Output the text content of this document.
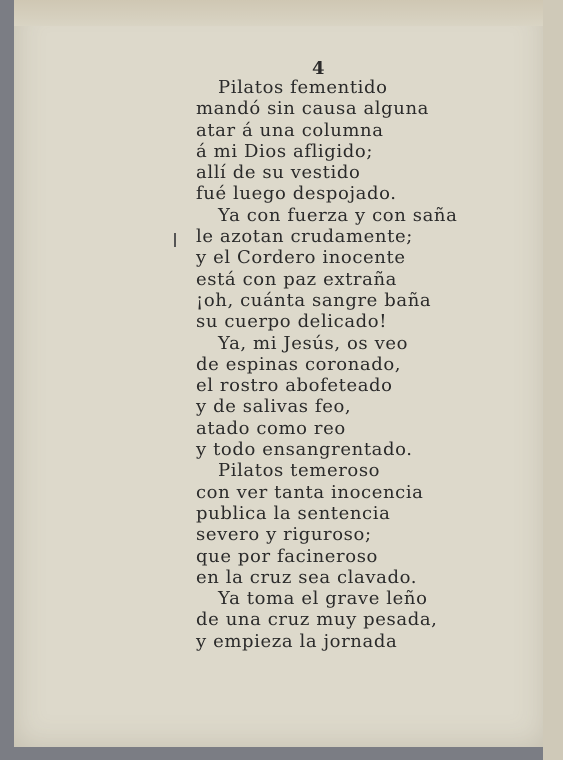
4
Pilatos fementido
mandó sin causa alguna
atar á una columna
á mi Dios afligido;
allí de su vestido
fué luego despojado.
Ya con fuerza y con saña
le azotan crudamente;
y el Cordero inocente
está con paz extraña
¡oh, cuánta sangre baña
su cuerpo delicado!
Ya, mi Jesús, os veo
de espinas coronado,
el rostro abofeteado
y de salivas feo,
atado como reo
y todo ensangrentado.
Pilatos temeroso
con ver tanta inocencia
publica la sentencia
severo y riguroso;
que por facineroso
en la cruz sea clavado.
Ya toma el grave leño
de una cruz muy pesada,
y empieza la jornada
